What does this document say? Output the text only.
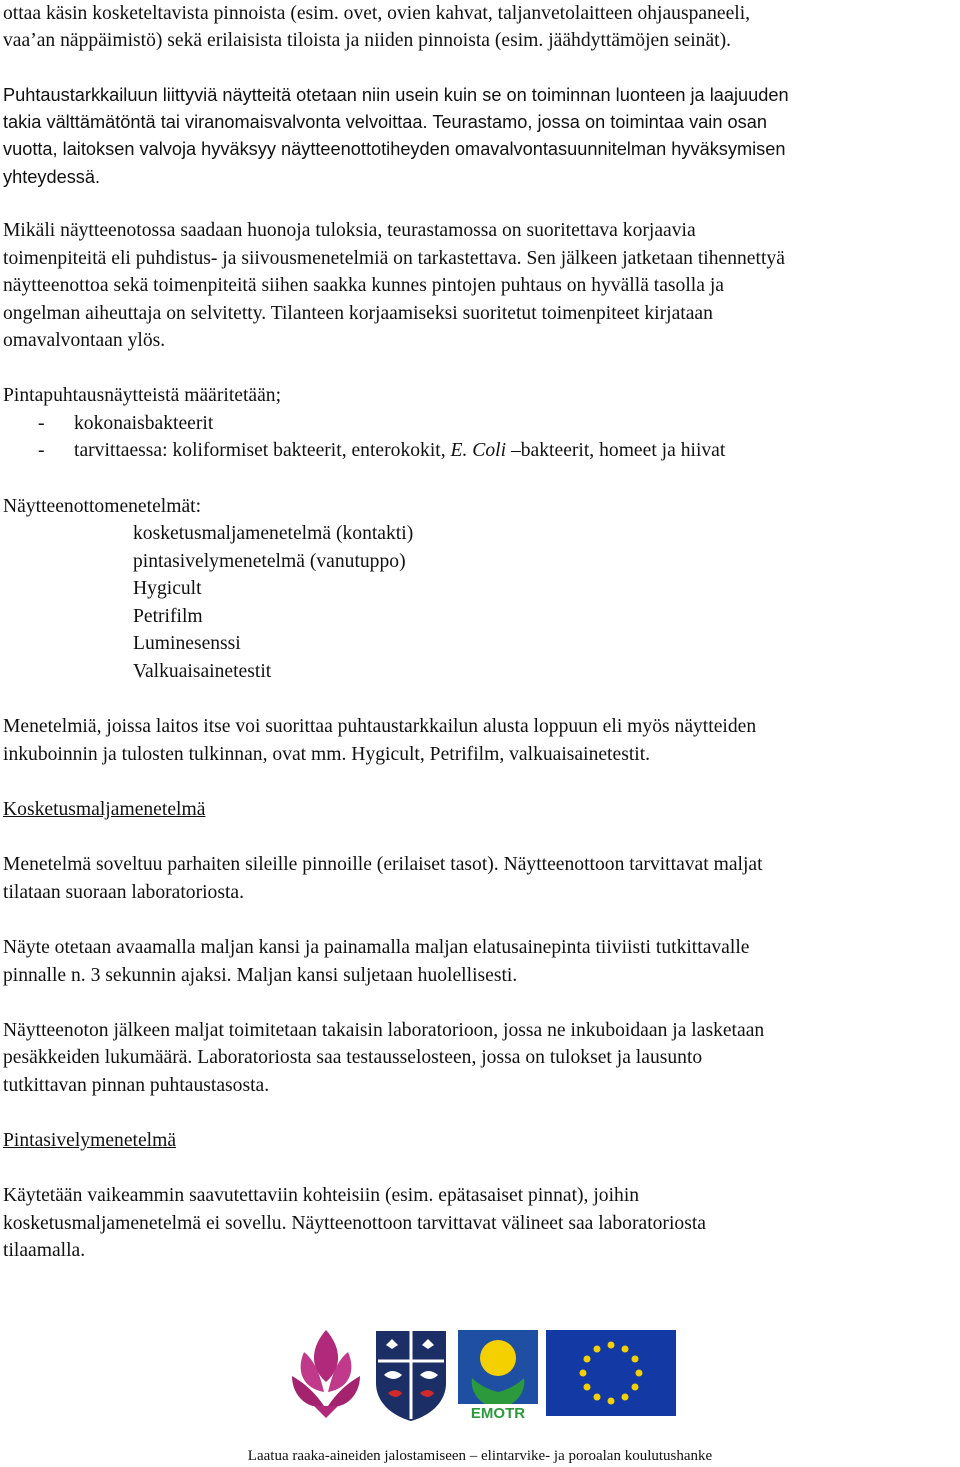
ottaa käsin kosketeltavista pinnoista (esim. ovet, ovien kahvat, taljanvetolaitteen ohjauspaneeli,
vaa’an näppäimistö) sekä erilaisista tiloista ja niiden pinnoista (esim. jäähdyttämöjen seinät).
Puhtaustarkkailuun liittyviä näytteitä otetaan niin usein kuin se on toiminnan luonteen ja laajuuden
takia välttämätöntä tai viranomaisvalvonta velvoittaa. Teurastamo, jossa on toimintaa vain osan
vuotta, laitoksen valvoja hyväksyy näytteenottotiheyden omavalvontasuunnitelman hyväksymisen
yhteydessä.
Mikäli näytteenotossa saadaan huonoja tuloksia, teurastamossa on suoritettava korjaavia
toimenpiteitä eli puhdistus- ja siivousmenetelmiä on tarkastettava. Sen jälkeen jatketaan tihennettyä
näytteenottoa sekä toimenpiteitä siihen saakka kunnes pintojen puhtaus on hyvällä tasolla ja
ongelman aiheuttaja on selvitetty. Tilanteen korjaamiseksi suoritetut toimenpiteet kirjataan
omavalvontaan ylös.
Pintapuhtausnäytteistä määritetään;
- kokonaisbakteerit
- tarvittaessa: koliformiset bakteerit, enterokokit, E. Coli –bakteerit, homeet ja hiivat
Näytteenottomenetelmät:
kosketusmaljamenetelmä (kontakti)
pintasivelymenetelmä (vanutuppo)
Hygicult
Petrifilm
Luminesenssi
Valkuaisainetestit
Menetelmiä, joissa laitos itse voi suorittaa puhtaustarkkailun alusta loppuun eli myös näytteiden
inkuboinnin ja tulosten tulkinnan, ovat mm. Hygicult, Petrifilm, valkuaisainetestit.
Kosketusmaljamenetelmä
Menetelmä soveltuu parhaiten sileille pinnoille (erilaiset tasot). Näytteenottoon tarvittavat maljat
tilataan suoraan laboratoriosta.
Näyte otetaan avaamalla maljan kansi ja painamalla maljan elatusainepinta tiiviisti tutkittavalle
pinnalle n. 3 sekunnin ajaksi. Maljan kansi suljetaan huolellisesti.
Näytteenoton jälkeen maljat toimitetaan takaisin laboratorioon, jossa ne inkuboidaan ja lasketaan
pesäkkeiden lukumäärä. Laboratoriosta saa testausselosteen, jossa on tulokset ja lausunto
tutkittavan pinnan puhtaustasosta.
Pintasivelymenetelmä
Käytetään vaikeammin saavutettaviin kohteisiin (esim. epätasaiset pinnat), joihin
kosketusmaljamenetelmä ei sovellu. Näytteenottoon tarvittavat välineet saa laboratoriosta
tilaamalla.
EMOTR
Laatua raaka-aineiden jalostamiseen – elintarvike- ja poroalan koulutushanke
